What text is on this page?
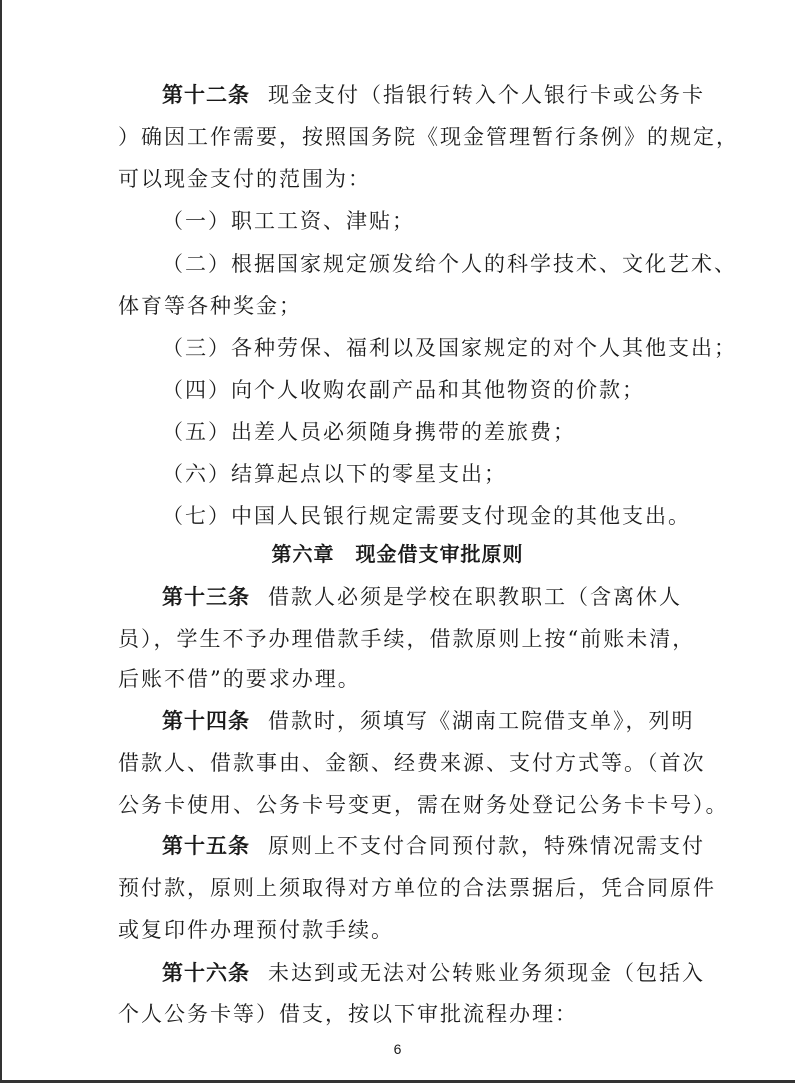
第十二条 现金支付（指银行转入个人银行卡或公务卡
）确因工作需要，按照国务院《现金管理暂行条例》的规定，
可以现金支付的范围为：
（一）职工工资、津贴；
（二）根据国家规定颁发给个人的科学技术、文化艺术、
体育等各种奖金；
（三）各种劳保、福利以及国家规定的对个人其他支出；
（四）向个人收购农副产品和其他物资的价款；
（五）出差人员必须随身携带的差旅费；
（六）结算起点以下的零星支出；
（七）中国人民银行规定需要支付现金的其他支出。
第六章　现金借支审批原则
第十三条 借款人必须是学校在职教职工（含离休人
员），学生不予办理借款手续，借款原则上按“前账未清，
后账不借”的要求办理。
第十四条 借款时，须填写《湖南工院借支单》，列明
借款人、借款事由、金额、经费来源、支付方式等。（首次
公务卡使用、公务卡号变更，需在财务处登记公务卡卡号）。
第十五条 原则上不支付合同预付款，特殊情况需支付
预付款，原则上须取得对方单位的合法票据后，凭合同原件
或复印件办理预付款手续。
第十六条 未达到或无法对公转账业务须现金（包括入
个人公务卡等）借支，按以下审批流程办理：
6
